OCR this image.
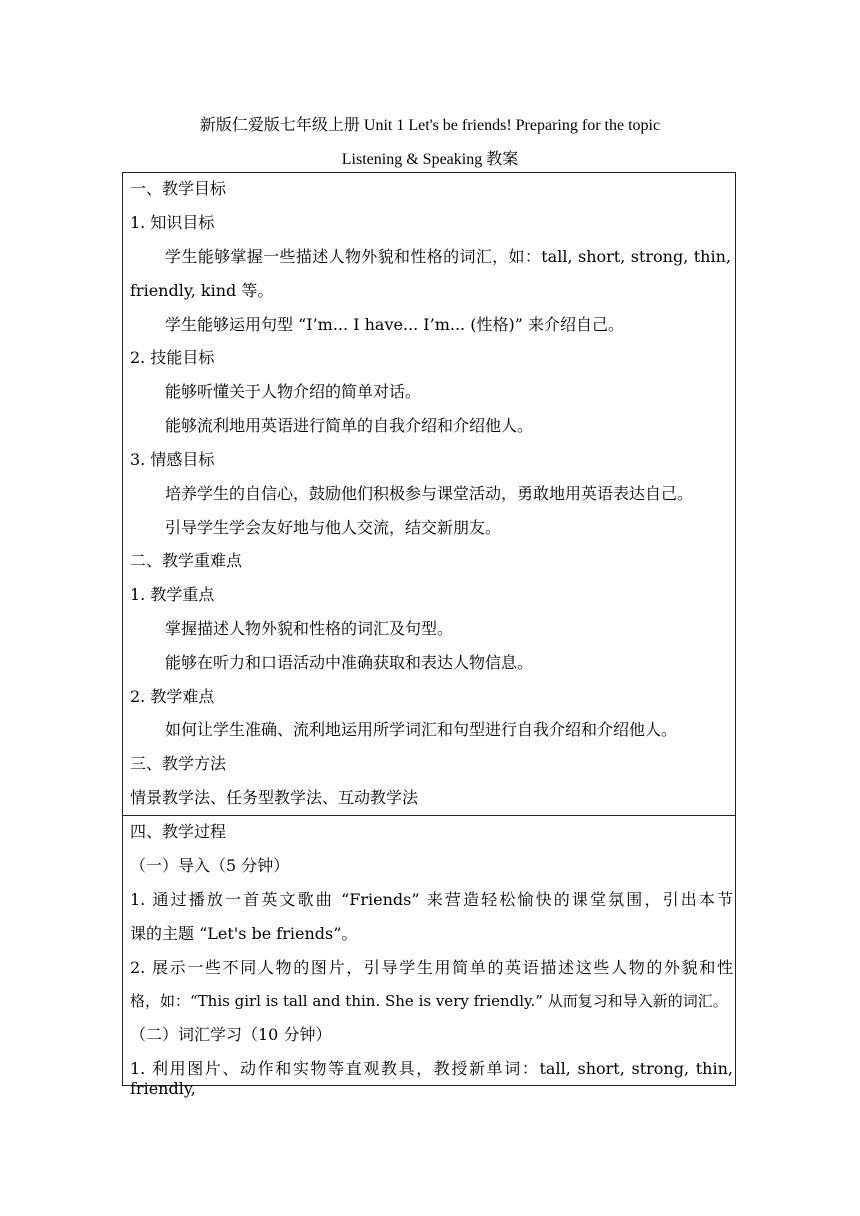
新版仁爱版七年级上册 Unit 1 Let's be friends! Preparing for the topic
Listening & Speaking 教案
一、教学目标
1. 知识目标
学生能够掌握一些描述人物外貌和性格的词汇，如：tall, short, strong, thin,
friendly, kind 等。
学生能够运用句型 “I’m... I have... I’m... (性格)” 来介绍自己。
2. 技能目标
能够听懂关于人物介绍的简单对话。
能够流利地用英语进行简单的自我介绍和介绍他人。
3. 情感目标
培养学生的自信心，鼓励他们积极参与课堂活动，勇敢地用英语表达自己。
引导学生学会友好地与他人交流，结交新朋友。
二、教学重难点
1. 教学重点
掌握描述人物外貌和性格的词汇及句型。
能够在听力和口语活动中准确获取和表达人物信息。
2. 教学难点
如何让学生准确、流利地运用所学词汇和句型进行自我介绍和介绍他人。
三、教学方法
情景教学法、任务型教学法、互动教学法
四、教学过程
（一）导入（5 分钟）
1. 通过播放一首英文歌曲 “Friends” 来营造轻松愉快的课堂氛围，引出本节
课的主题 “Let's be friends”。
2. 展示一些不同人物的图片，引导学生用简单的英语描述这些人物的外貌和性
格，如：“This girl is tall and thin. She is very friendly.” 从而复习和导入新的词汇。
（二）词汇学习（10 分钟）
1. 利用图片、动作和实物等直观教具，教授新单词：tall, short, strong, thin, friendly,
